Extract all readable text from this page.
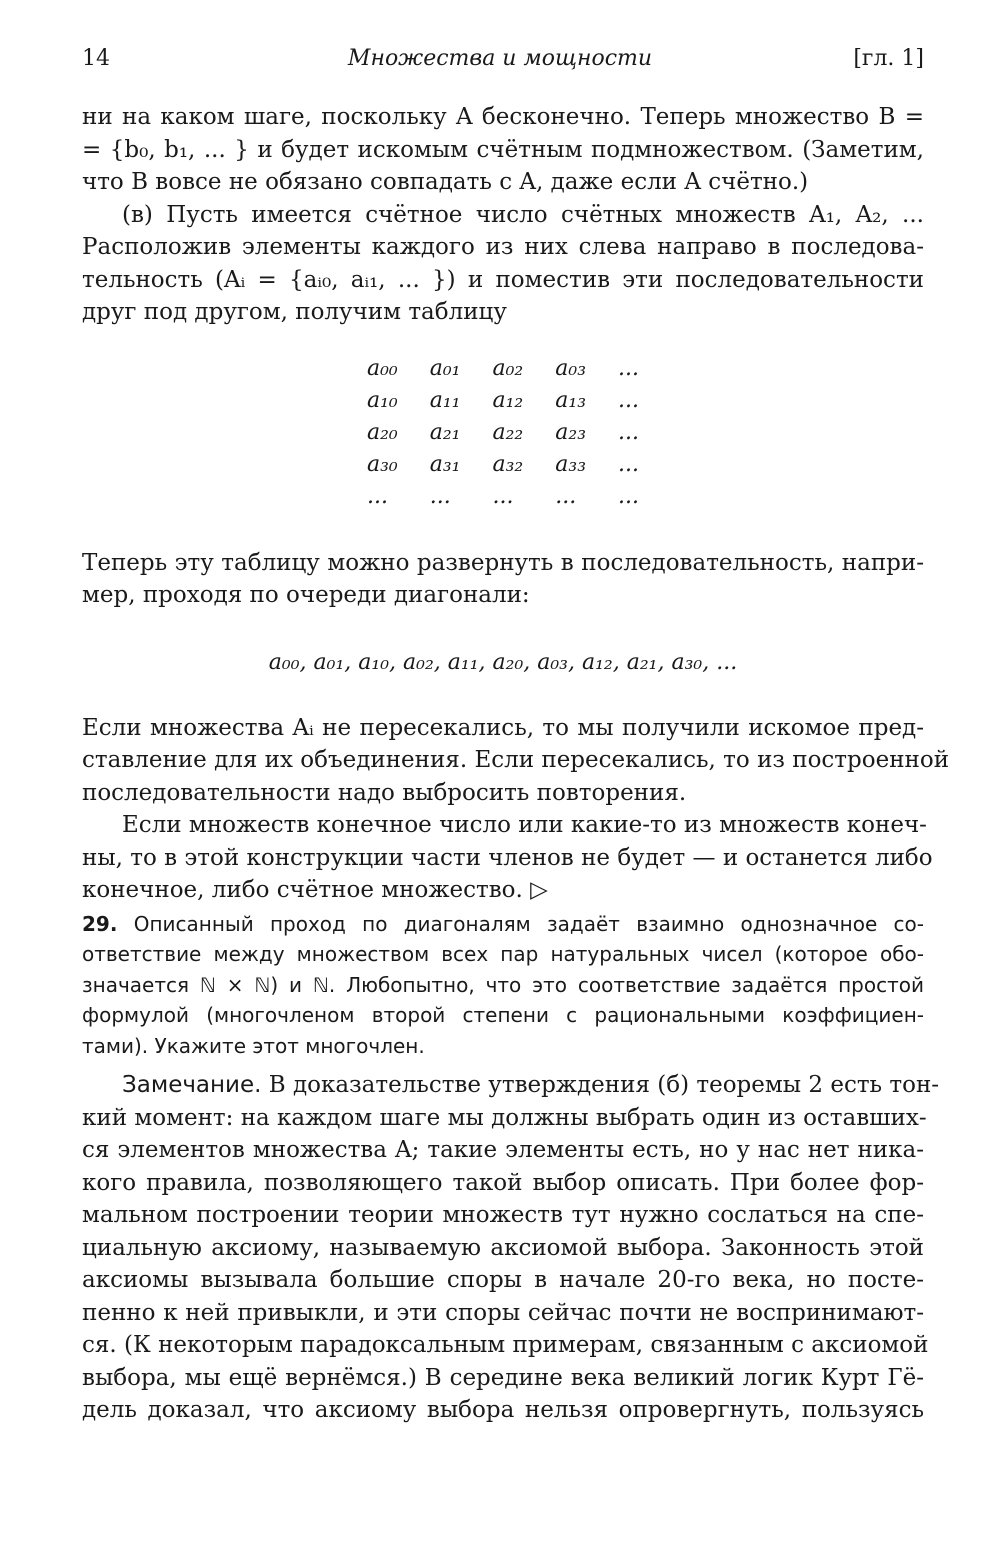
14	Множества и мощности	[гл. 1]
ни на каком шаге, поскольку A бесконечно. Теперь множество B =
= {b₀, b₁, ... } и будет искомым счётным подмножеством. (Заметим,
что B вовсе не обязано совпадать с A, даже если A счётно.)
(в) Пусть имеется счётное число счётных множеств A₁, A₂, ...
Расположив элементы каждого из них слева направо в последова-
тельность (Aᵢ = {aᵢ₀, aᵢ₁, ... }) и поместив эти последовательности
друг под другом, получим таблицу
a₀₀	a₀₁	a₀₂	a₀₃	...
a₁₀	a₁₁	a₁₂	a₁₃	...
a₂₀	a₂₁	a₂₂	a₂₃	...
a₃₀	a₃₁	a₃₂	a₃₃	...
...	...	...	...	...
Теперь эту таблицу можно развернуть в последовательность, напри-
мер, проходя по очереди диагонали:
a₀₀, a₀₁, a₁₀, a₀₂, a₁₁, a₂₀, a₀₃, a₁₂, a₂₁, a₃₀, ...
Если множества Aᵢ не пересекались, то мы получили искомое пред-
ставление для их объединения. Если пересекались, то из построенной
последовательности надо выбросить повторения.
Если множеств конечное число или какие-то из множеств конеч-
ны, то в этой конструкции части членов не будет — и останется либо
конечное, либо счётное множество. ▷
29. Описанный проход по диагоналям задаёт взаимно однозначное со-
ответствие между множеством всех пар натуральных чисел (которое обо-
значается ℕ × ℕ) и ℕ. Любопытно, что это соответствие задаётся простой
формулой (многочленом второй степени с рациональными коэффициен-
тами). Укажите этот многочлен.
Замечание. В доказательстве утверждения (б) теоремы 2 есть тон-
кий момент: на каждом шаге мы должны выбрать один из оставших-
ся элементов множества A; такие элементы есть, но у нас нет ника-
кого правила, позволяющего такой выбор описать. При более фор-
мальном построении теории множеств тут нужно сослаться на спе-
циальную аксиому, называемую аксиомой выбора. Законность этой
аксиомы вызывала большие споры в начале 20-го века, но посте-
пенно к ней привыкли, и эти споры сейчас почти не воспринимают-
ся. (К некоторым парадоксальным примерам, связанным с аксиомой
выбора, мы ещё вернёмся.) В середине века великий логик Курт Гё-
дель доказал, что аксиому выбора нельзя опровергнуть, пользуясь
